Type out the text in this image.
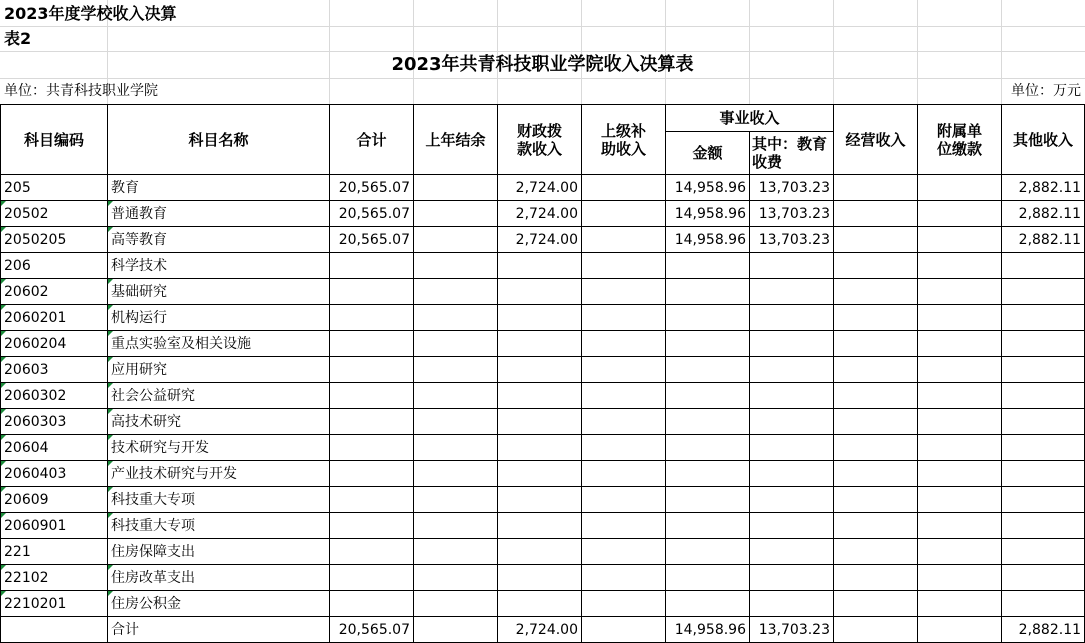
2023年度学校收入决算
表2
2023年共青科技职业学院收入决算表
单位：共青科技职业学院	单位：万元
科目编码	科目名称	合计	上年结余	财政拨款收入	上级补助收入	事业收入		经营收入	附属单位缴款	其他收入
						金额	其中：教育收费			
205	教育	20,565.07		2,724.00		14,958.96	13,703.23			2,882.11

20502	普通教育	20,565.07		2,724.00		14,958.96	13,703.23			2,882.11

2050205	高等教育	20,565.07		2,724.00		14,958.96	13,703.23			2,882.11
206	科学技术									

20602	基础研究									

2060201	机构运行									

2060204	重点实验室及相关设施									

20603	应用研究									

2060302	社会公益研究									

2060303	高技术研究									

20604	技术研究与开发									

2060403	产业技术研究与开发									

20609	科技重大专项									

2060901	科技重大专项									
221	住房保障支出									

22102	住房改革支出									

2210201	住房公积金									
	合计	20,565.07		2,724.00		14,958.96	13,703.23			2,882.11
